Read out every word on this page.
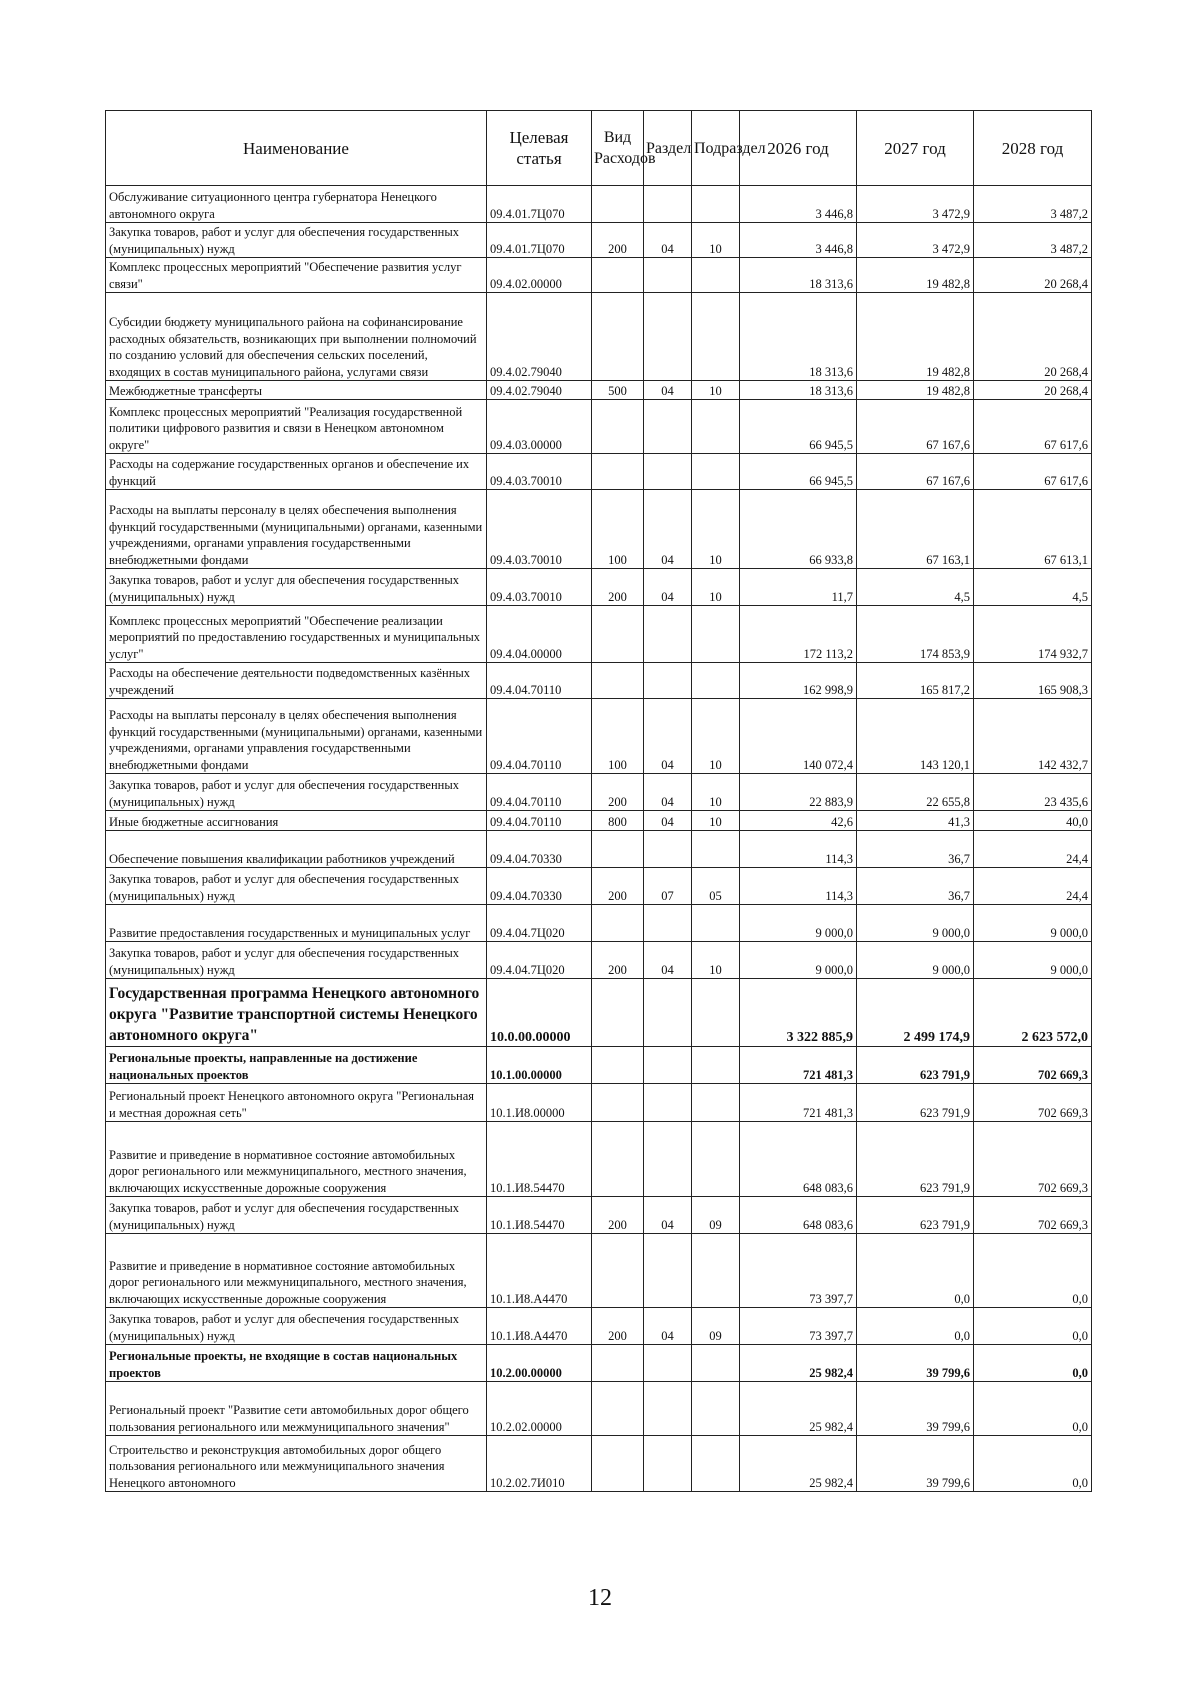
Наименование	Целевая статья	Вид Расходов	Раздел	Подраздел	2026 год	2027 год	2028 год
Обслуживание ситуационного центра губернатора Ненецкого автономного округа	09.4.01.7Ц070				3 446,8	3 472,9	3 487,2
Закупка товаров, работ и услуг для обеспечения государственных (муниципальных) нужд	09.4.01.7Ц070	200	04	10	3 446,8	3 472,9	3 487,2
Комплекс процессных мероприятий "Обеспечение развития услуг связи"	09.4.02.00000				18 313,6	19 482,8	20 268,4
Субсидии бюджету муниципального района на софинансирование расходных обязательств, возникающих при выполнении полномочий по созданию условий для обеспечения сельских поселений, входящих в состав муниципального района, услугами связи	09.4.02.79040				18 313,6	19 482,8	20 268,4
Межбюджетные трансферты	09.4.02.79040	500	04	10	18 313,6	19 482,8	20 268,4
Комплекс процессных мероприятий "Реализация государственной политики цифрового развития и связи в Ненецком автономном округе"	09.4.03.00000				66 945,5	67 167,6	67 617,6
Расходы на содержание государственных органов и обеспечение их функций	09.4.03.70010				66 945,5	67 167,6	67 617,6
Расходы на выплаты персоналу в целях обеспечения выполнения функций государственными (муниципальными) органами, казенными учреждениями, органами управления государственными внебюджетными фондами	09.4.03.70010	100	04	10	66 933,8	67 163,1	67 613,1
Закупка товаров, работ и услуг для обеспечения государственных (муниципальных) нужд	09.4.03.70010	200	04	10	11,7	4,5	4,5
Комплекс процессных мероприятий "Обеспечение реализации мероприятий по предоставлению государственных и муниципальных услуг"	09.4.04.00000				172 113,2	174 853,9	174 932,7
Расходы на обеспечение деятельности подведомственных казённых учреждений	09.4.04.70110				162 998,9	165 817,2	165 908,3
Расходы на выплаты персоналу в целях обеспечения выполнения функций государственными (муниципальными) органами, казенными учреждениями, органами управления государственными внебюджетными фондами	09.4.04.70110	100	04	10	140 072,4	143 120,1	142 432,7
Закупка товаров, работ и услуг для обеспечения государственных (муниципальных) нужд	09.4.04.70110	200	04	10	22 883,9	22 655,8	23 435,6
Иные бюджетные ассигнования	09.4.04.70110	800	04	10	42,6	41,3	40,0
Обеспечение повышения квалификации работников учреждений	09.4.04.70330				114,3	36,7	24,4
Закупка товаров, работ и услуг для обеспечения государственных (муниципальных) нужд	09.4.04.70330	200	07	05	114,3	36,7	24,4
Развитие предоставления государственных и муниципальных услуг	09.4.04.7Ц020				9 000,0	9 000,0	9 000,0
Закупка товаров, работ и услуг для обеспечения государственных (муниципальных) нужд	09.4.04.7Ц020	200	04	10	9 000,0	9 000,0	9 000,0
Государственная программа Ненецкого автономного округа "Развитие транспортной системы Ненецкого автономного округа"	10.0.00.00000				3 322 885,9	2 499 174,9	2 623 572,0
Региональные проекты, направленные на достижение национальных проектов	10.1.00.00000				721 481,3	623 791,9	702 669,3
Региональный проект Ненецкого автономного округа "Региональная и местная дорожная сеть"	10.1.И8.00000				721 481,3	623 791,9	702 669,3
Развитие и приведение в нормативное состояние автомобильных дорог регионального или межмуниципального, местного значения, включающих искусственные дорожные сооружения	10.1.И8.54470				648 083,6	623 791,9	702 669,3
Закупка товаров, работ и услуг для обеспечения государственных (муниципальных) нужд	10.1.И8.54470	200	04	09	648 083,6	623 791,9	702 669,3
Развитие и приведение в нормативное состояние автомобильных дорог регионального или межмуниципального, местного значения, включающих искусственные дорожные сооружения	10.1.И8.А4470				73 397,7	0,0	0,0
Закупка товаров, работ и услуг для обеспечения государственных (муниципальных) нужд	10.1.И8.А4470	200	04	09	73 397,7	0,0	0,0
Региональные проекты, не входящие в состав национальных проектов	10.2.00.00000				25 982,4	39 799,6	0,0
Региональный проект "Развитие сети автомобильных дорог общего пользования регионального или межмуниципального значения"	10.2.02.00000				25 982,4	39 799,6	0,0
Строительство и реконструкция автомобильных дорог общего пользования регионального или межмуниципального значения Ненецкого автономного	10.2.02.7И010				25 982,4	39 799,6	0,0
12
